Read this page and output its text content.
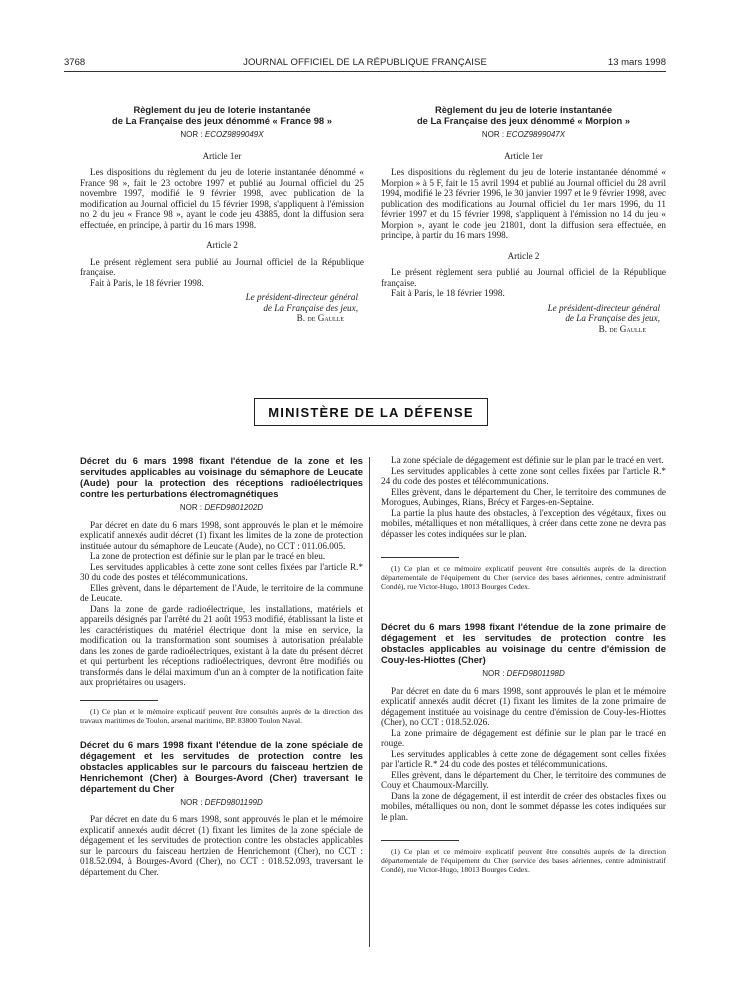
3768	JOURNAL OFFICIEL DE LA RÉPUBLIQUE FRANÇAISE	13 mars 1998
Règlement du jeu de loterie instantanée
de La Française des jeux dénommé « France 98 »
NOR : ECOZ9899049X
Article 1er

Les dispositions du règlement du jeu de loterie instantanée dénommé « France 98 », fait le 23 octobre 1997 et publié au Journal officiel du 25 novembre 1997, modifié le 9 février 1998, avec publication de la modification au Journal officiel du 15 février 1998, s'appliquent à l'émission no 2 du jeu « France 98 », ayant le code jeu 43885, dont la diffusion sera effectuée, en principe, à partir du 16 mars 1998.

Article 2

Le présent règlement sera publié au Journal officiel de la République française.

Fait à Paris, le 18 février 1998.

Le président-directeur général
de La Française des jeux,
B. de Gaulle
Règlement du jeu de loterie instantanée
de La Française des jeux dénommé « Morpion »
NOR : ECOZ9899047X
Article 1er

Les dispositions du règlement du jeu de loterie instantanée dénommé « Morpion » à 5 F, fait le 15 avril 1994 et publié au Journal officiel du 28 avril 1994, modifié le 23 février 1996, le 30 janvier 1997 et le 9 février 1998, avec publication des modifications au Journal officiel du 1er mars 1996, du 11 février 1997 et du 15 février 1998, s'appliquent à l'émission no 14 du jeu « Morpion », ayant le code jeu 21801, dont la diffusion sera effectuée, en principe, à partir du 16 mars 1998.

Article 2

Le présent règlement sera publié au Journal officiel de la République française.

Fait à Paris, le 18 février 1998.

Le président-directeur général
de La Française des jeux,
B. de Gaulle
MINISTÈRE DE LA DÉFENSE
Décret du 6 mars 1998 fixant l'étendue de la zone et les servitudes applicables au voisinage du sémaphore de Leucate (Aude) pour la protection des réceptions radioélectriques contre les perturbations électromagnétiques
NOR : DEFD9801202D

Par décret en date du 6 mars 1998, sont approuvés le plan et le mémoire explicatif annexés audit décret (1) fixant les limites de la zone de protection instituée autour du sémaphore de Leucate (Aude), no CCT : 011.06.005.

La zone de protection est définie sur le plan par le tracé en bleu.

Les servitudes applicables à cette zone sont celles fixées par l'article R.* 30 du code des postes et télécommunications.

Elles grèvent, dans le département de l'Aude, le territoire de la commune de Leucate.

Dans la zone de garde radioélectrique, les installations, matériels et appareils désignés par l'arrêté du 21 août 1953 modifié, établissant la liste et les caractéristiques du matériel électrique dont la mise en service, la modification ou la transformation sont soumises à autorisation préalable dans les zones de garde radioélectriques, existant à la date du présent décret et qui perturbent les réceptions radioélectriques, devront être modifiés ou transformés dans le délai maximum d'un an à compter de la notification faite aux propriétaires ou usagers.

(1) Ce plan et le mémoire explicatif peuvent être consultés auprès de la direction des travaux maritimes de Toulon, arsenal maritime, BP. 83800 Toulon Naval.

Décret du 6 mars 1998 fixant l'étendue de la zone spéciale de dégagement et les servitudes de protection contre les obstacles applicables sur le parcours du faisceau hertzien de Henrichemont (Cher) à Bourges-Avord (Cher) traversant le département du Cher
NOR : DEFD9801199D

Par décret en date du 6 mars 1998, sont approuvés le plan et le mémoire explicatif annexés audit décret (1) fixant les limites de la zone spéciale de dégagement et les servitudes de protection contre les obstacles applicables sur le parcours du faisceau hertzien de Henrichemont (Cher), no CCT : 018.52.094, à Bourges-Avord (Cher), no CCT : 018.52.093, traversant le département du Cher.

La zone spéciale de dégagement est définie sur le plan par le tracé en vert.

Les servitudes applicables à cette zone sont celles fixées par l'article R.* 24 du code des postes et télécommunications.

Elles grèvent, dans le département du Cher, le territoire des communes de Morogues, Aubinges, Rians, Brécy et Farges-en-Septaine.

La partie la plus haute des obstacles, à l'exception des végétaux, fixes ou mobiles, métalliques et non métalliques, à créer dans cette zone ne devra pas dépasser les cotes indiquées sur le plan.

(1) Ce plan et ce mémoire explicatif peuvent être consultés auprès de la direction départementale de l'équipement du Cher (service des bases aériennes, centre administratif Condé), rue Victor-Hugo, 18013 Bourges Cedex.

Décret du 6 mars 1998 fixant l'étendue de la zone primaire de dégagement et les servitudes de protection contre les obstacles applicables au voisinage du centre d'émission de Couy-les-Hiottes (Cher)
NOR : DEFD9801198D

Par décret en date du 6 mars 1998, sont approuvés le plan et le mémoire explicatif annexés audit décret (1) fixant les limites de la zone primaire de dégagement instituée au voisinage du centre d'émission de Couy-les-Hiottes (Cher), no CCT : 018.52.026.

La zone primaire de dégagement est définie sur le plan par le tracé en rouge.

Les servitudes applicables à cette zone de dégagement sont celles fixées par l'article R.* 24 du code des postes et télécommunications.

Elles grèvent, dans le département du Cher, le territoire des communes de Couy et Chaumoux-Marcilly.

Dans la zone de dégagement, il est interdit de créer des obstacles fixes ou mobiles, métalliques ou non, dont le sommet dépasse les cotes indiquées sur le plan.

(1) Ce plan et ce mémoire explicatif peuvent être consultés auprès de la direction départementale de l'équipement du Cher (service des bases aériennes, centre administratif Condé), rue Victor-Hugo, 18013 Bourges Cedex.
